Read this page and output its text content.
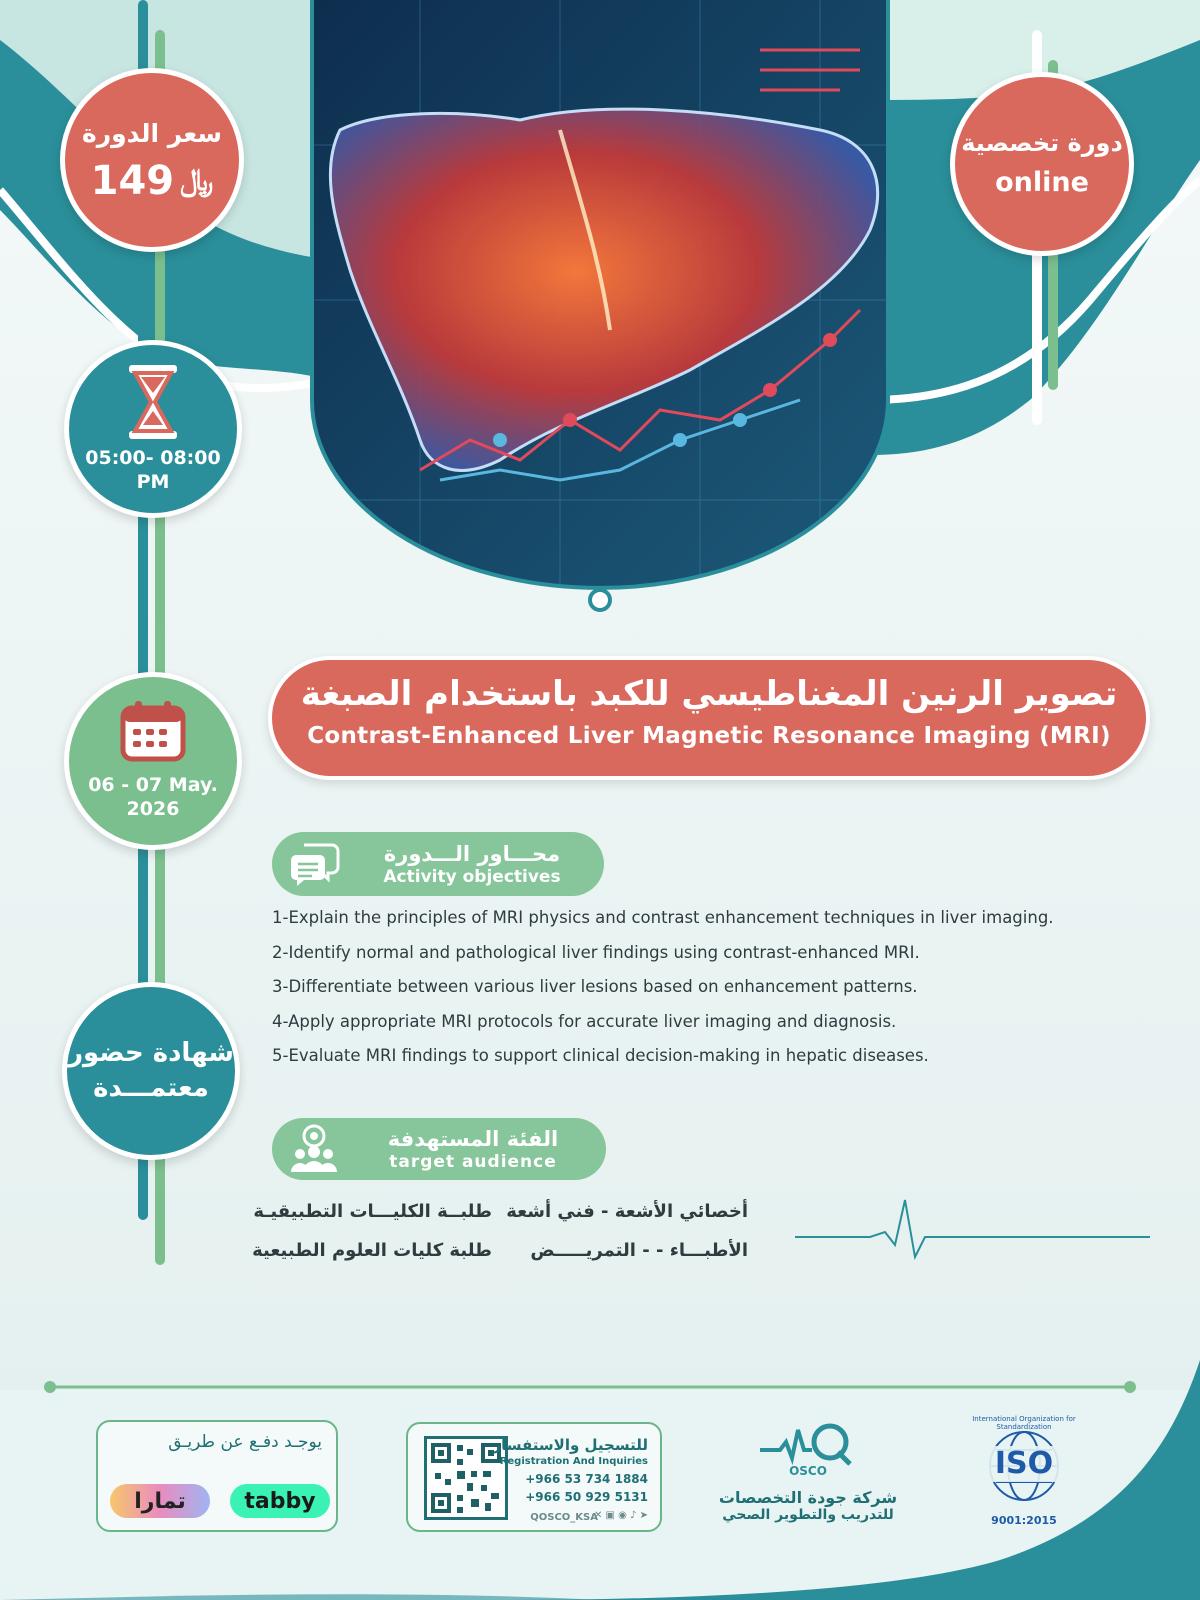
سعر الدورة
149 ﷼
دورة تخصصية
online
05:00- 08:00
PM
06 - 07 May.
2026
شهادة حضور
معتمـــدة
تصوير الرنين المغناطيسي للكبد باستخدام الصبغة
Contrast-Enhanced Liver Magnetic Resonance Imaging (MRI)
محـــاور الـــدورة
Activity objectives
1-Explain the principles of MRI physics and contrast enhancement techniques in liver imaging.
2-Identify normal and pathological liver findings using contrast-enhanced MRI.
3-Differentiate between various liver lesions based on enhancement patterns.
4-Apply appropriate MRI protocols for accurate liver imaging and diagnosis.
5-Evaluate MRI findings to support clinical decision-making in hepatic diseases.
الفئة المستهدفة
target audience
أخصائي الأشعة - فني أشعة
طلبــة الكليـــات التطبيقيـة
الأطبـــاء - - التمريـــــض
طلبة كليات العلوم الطبيعية
يوجـد دفـع عن طريـق
تمارا	tabby
للتسجيل والاستفسار
Registration And Inquiries
+966 53 734 1884
+966 50 929 5131
QOSCO_KSA
✕ ▣ ◉ ♪ ➤
OSCO
شركة جودة التخصصات
للتدريب والتطوير الصحي
ISO
International Organization for Standardization
9001:2015
